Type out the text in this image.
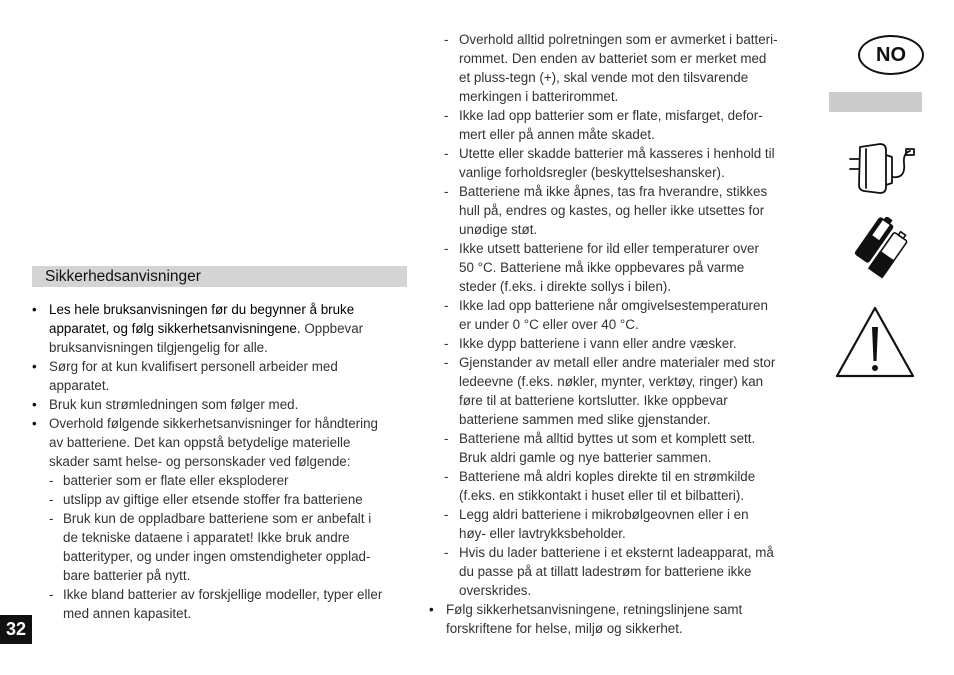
Sikkerhedsanvisninger
• Les hele bruksanvisningen før du begynner å bruke
apparatet, og følg sikkerhetsanvisningene. Oppbevar
bruksanvisningen tilgjengelig for alle.
• Sørg for at kun kvalifisert personell arbeider med
apparatet.
• Bruk kun strømledningen som følger med.
• Overhold følgende sikkerhetsanvisninger for håndtering
av batteriene. Det kan oppstå betydelige materielle
skader samt helse- og personskader ved følgende:
- batterier som er flate eller eksploderer
- utslipp av giftige eller etsende stoffer fra batteriene
- Bruk kun de oppladbare batteriene som er anbefalt i
de tekniske dataene i apparatet! Ikke bruk andre
batterityper, og under ingen omstendigheter opplad-
bare batterier på nytt.
- Ikke bland batterier av forskjellige modeller, typer eller
med annen kapasitet.
- Overhold alltid polretningen som er avmerket i batteri-
rommet. Den enden av batteriet som er merket med
et pluss-tegn (+), skal vende mot den tilsvarende
merkingen i batterirommet.
- Ikke lad opp batterier som er flate, misfarget, defor-
mert eller på annen måte skadet.
- Utette eller skadde batterier må kasseres i henhold til
vanlige forholdsregler (beskyttelseshansker).
- Batteriene må ikke åpnes, tas fra hverandre, stikkes
hull på, endres og kastes, og heller ikke utsettes for
unødige støt.
- Ikke utsett batteriene for ild eller temperaturer over
50 °C. Batteriene må ikke oppbevares på varme
steder (f.eks. i direkte sollys i bilen).
- Ikke lad opp batteriene når omgivelsestemperaturen
er under 0 °C eller over 40 °C.
- Ikke dypp batteriene i vann eller andre væsker.
- Gjenstander av metall eller andre materialer med stor
ledeevne (f.eks. nøkler, mynter, verktøy, ringer) kan
føre til at batteriene kortslutter. Ikke oppbevar
batteriene sammen med slike gjenstander.
- Batteriene må alltid byttes ut som et komplett sett.
Bruk aldri gamle og nye batterier sammen.
- Batteriene må aldri koples direkte til en strømkilde
(f.eks. en stikkontakt i huset eller til et bilbatteri).
- Legg aldri batteriene i mikrobølgeovnen eller i en
høy- eller lavtrykksbeholder.
- Hvis du lader batteriene i et eksternt ladeapparat, må
du passe på at tillatt ladestrøm for batteriene ikke
overskrides.
• Følg sikkerhetsanvisningene, retningslinjene samt
forskriftene for helse, miljø og sikkerhet.
32
NO
